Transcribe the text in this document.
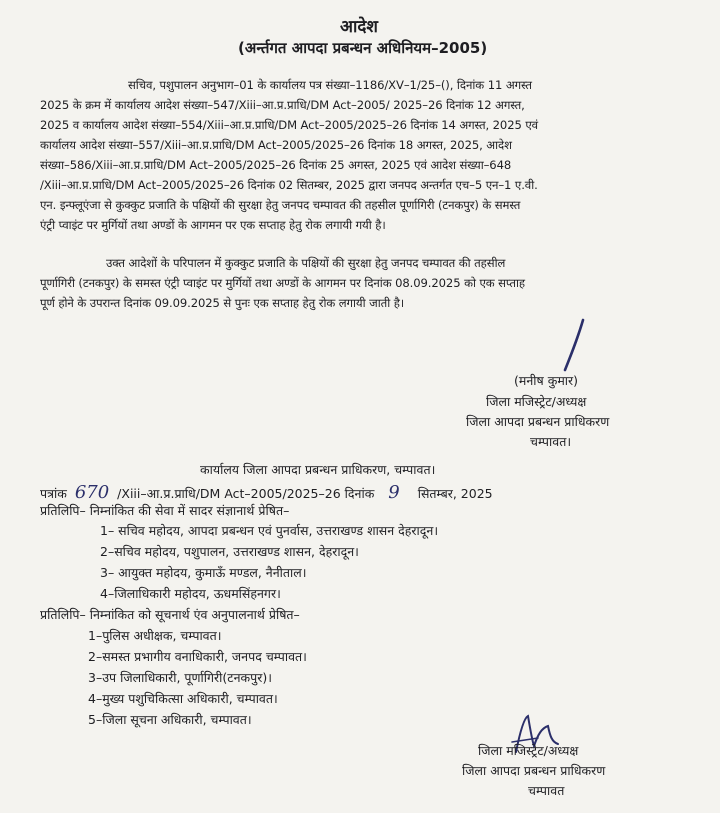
आदेश
(अर्न्तगत आपदा प्रबन्धन अधिनियम–2005)
सचिव, पशुपालन अनुभाग–01 के कार्यालय पत्र संख्या–1186/XV–1/25–(), दिनांक 11 अगस्त
2025 के क्रम में कार्यालय आदेश संख्या–547/Xiii–आ.प्र.प्राधि/DM Act–2005/ 2025–26 दिनांक 12 अगस्त,
2025 व कार्यालय आदेश संख्या–554/Xiii–आ.प्र.प्राधि/DM Act–2005/2025–26 दिनांक 14 अगस्त, 2025 एवं
कार्यालय आदेश संख्या–557/Xiii–आ.प्र.प्राधि/DM Act–2005/2025–26 दिनांक 18 अगस्त, 2025, आदेश
संख्या–586/Xiii–आ.प्र.प्राधि/DM Act–2005/2025–26 दिनांक 25 अगस्त, 2025 एवं आदेश संख्या–648
/Xiii–आ.प्र.प्राधि/DM Act–2005/2025–26 दिनांक 02 सितम्बर, 2025 द्वारा जनपद अन्तर्गत एच–5 एन–1 ए.वी.
एन. इन्फ्लूएंजा से कुक्कुट प्रजाति के पक्षियों की सुरक्षा हेतु जनपद चम्पावत की तहसील पूर्णागिरी (टनकपुर) के समस्त
एंट्री प्वाइंट पर मुर्गियों तथा अण्डों के आगमन पर एक सप्ताह हेतु रोक लगायी गयी है।
उक्त आदेशों के परिपालन में कुक्कुट प्रजाति के पक्षियों की सुरक्षा हेतु जनपद चम्पावत की तहसील
पूर्णागिरी (टनकपुर) के समस्त एंट्री प्वाइंट पर मुर्गियों तथा अण्डों के आगमन पर दिनांक 08.09.2025 को एक सप्ताह
पूर्ण होने के उपरान्त दिनांक 09.09.2025 से पुनः एक सप्ताह हेतु रोक लगायी जाती है।
(मनीष कुमार)
जिला मजिस्ट्रेट/अध्यक्ष
जिला आपदा प्रबन्धन प्राधिकरण
चम्पावत।
कार्यालय जिला आपदा प्रबन्धन प्राधिकरण, चम्पावत।
पत्रांक 670 /Xiii–आ.प्र.प्राधि/DM Act–2005/2025–26 दिनांक 9 सितम्बर, 2025
प्रतिलिपि– निम्नांकित की सेवा में सादर संज्ञानार्थ प्रेषित–
1– सचिव महोदय, आपदा प्रबन्धन एवं पुनर्वास, उत्तराखण्ड शासन देहरादून।
2–सचिव महोदय, पशुपालन, उत्तराखण्ड शासन, देहरादून।
3– आयुक्त महोदय, कुमाऊँ मण्डल, नैनीताल।
4–जिलाधिकारी महोदय, ऊधमसिंहनगर।
प्रतिलिपि– निम्नांकित को सूचनार्थ एंव अनुपालनार्थ प्रेषित–
1–पुलिस अधीक्षक, चम्पावत।
2–समस्त प्रभागीय वनाधिकारी, जनपद चम्पावत।
3–उप जिलाधिकारी, पूर्णागिरी(टनकपुर)।
4–मुख्य पशुचिकित्सा अधिकारी, चम्पावत।
5–जिला सूचना अधिकारी, चम्पावत।
जिला मजिस्ट्रेट/अध्यक्ष
जिला आपदा प्रबन्धन प्राधिकरण
चम्पावत
